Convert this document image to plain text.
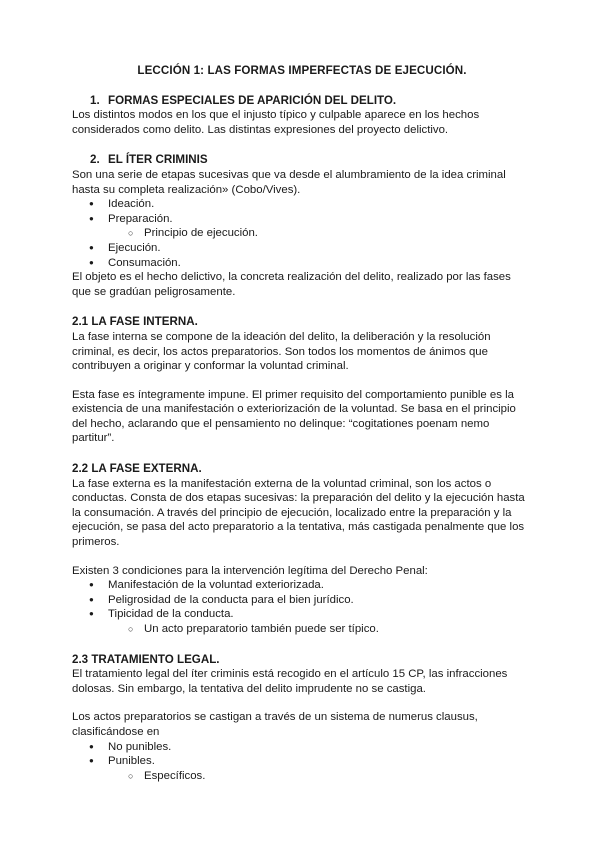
LECCIÓN 1: LAS FORMAS IMPERFECTAS DE EJECUCIÓN.
1. FORMAS ESPECIALES DE APARICIÓN DEL DELITO.

Los distintos modos en los que el injusto típico y culpable aparece en los hechos considerados como delito. Las distintas expresiones del proyecto delictivo.

2. EL ÍTER CRIMINIS

Son una serie de etapas sucesivas que va desde el alumbramiento de la idea criminal hasta su completa realización» (Cobo/Vives).

● Ideación.
● Preparación.
○ Principio de ejecución.
● Ejecución.
● Consumación.

El objeto es el hecho delictivo, la concreta realización del delito, realizado por las fases que se gradúan peligrosamente.

2.1 LA FASE INTERNA.

La fase interna se compone de la ideación del delito, la deliberación y la resolución criminal, es decir, los actos preparatorios. Son todos los momentos de ánimos que contribuyen a originar y conformar la voluntad criminal.

Esta fase es íntegramente impune. El primer requisito del comportamiento punible es la existencia de una manifestación o exteriorización de la voluntad. Se basa en el principio del hecho, aclarando que el pensamiento no delinque: “cogitationes poenam nemo partitur”.

2.2 LA FASE EXTERNA.

La fase externa es la manifestación externa de la voluntad criminal, son los actos o conductas. Consta de dos etapas sucesivas: la preparación del delito y la ejecución hasta la consumación. A través del principio de ejecución, localizado entre la preparación y la ejecución, se pasa del acto preparatorio a la tentativa, más castigada penalmente que los primeros.

Existen 3 condiciones para la intervención legítima del Derecho Penal:

● Manifestación de la voluntad exteriorizada.
● Peligrosidad de la conducta para el bien jurídico.
● Tipicidad de la conducta.
○ Un acto preparatorio también puede ser típico.
2.3 TRATAMIENTO LEGAL.

El tratamiento legal del íter criminis está recogido en el artículo 15 CP, las infracciones dolosas. Sin embargo, la tentativa del delito imprudente no se castiga.

Los actos preparatorios se castigan a través de un sistema de numerus clausus, clasificándose en

● No punibles.
● Punibles.
○ Específicos.
